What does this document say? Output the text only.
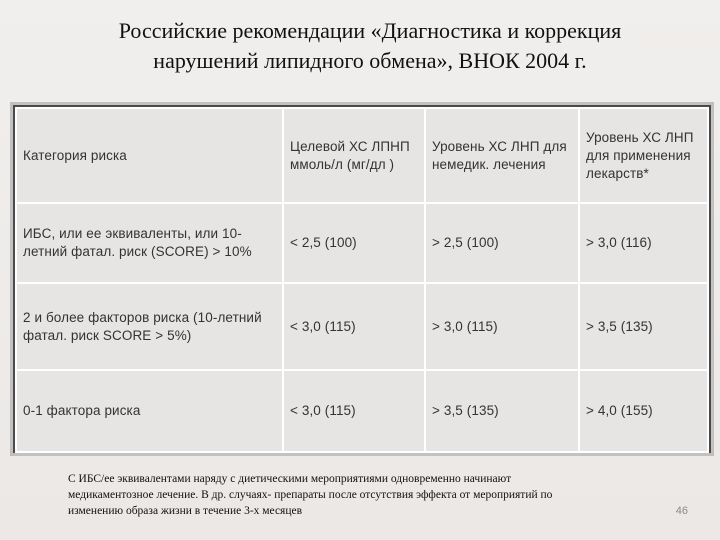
Российские рекомендации «Диагностика и коррекция
нарушений липидного обмена», ВНОК 2004 г.
Категория риска	Целевой ХС ЛПНП ммоль/л (мг/дл )	Уровень ХС ЛНП для немедик. лечения	Уровень ХС ЛНП для применения лекарств*
ИБС, или ее эквиваленты, или 10-летний фатал. риск (SCORE) > 10%	< 2,5 (100)	> 2,5 (100)	> 3,0 (116)
2 и более факторов риска (10-летний фатал. риск SCORE > 5%)	< 3,0 (115)	> 3,0 (115)	> 3,5 (135)
0-1 фактора риска	< 3,0 (115)	> 3,5 (135)	> 4,0 (155)
С ИБС/ее эквивалентами наряду с диетическими мероприятиями одновременно начинают
медикаментозное лечение. В др. случаях- препараты после отсутствия эффекта от мероприятий по
изменению образа жизни в течение 3-х месяцев	46
